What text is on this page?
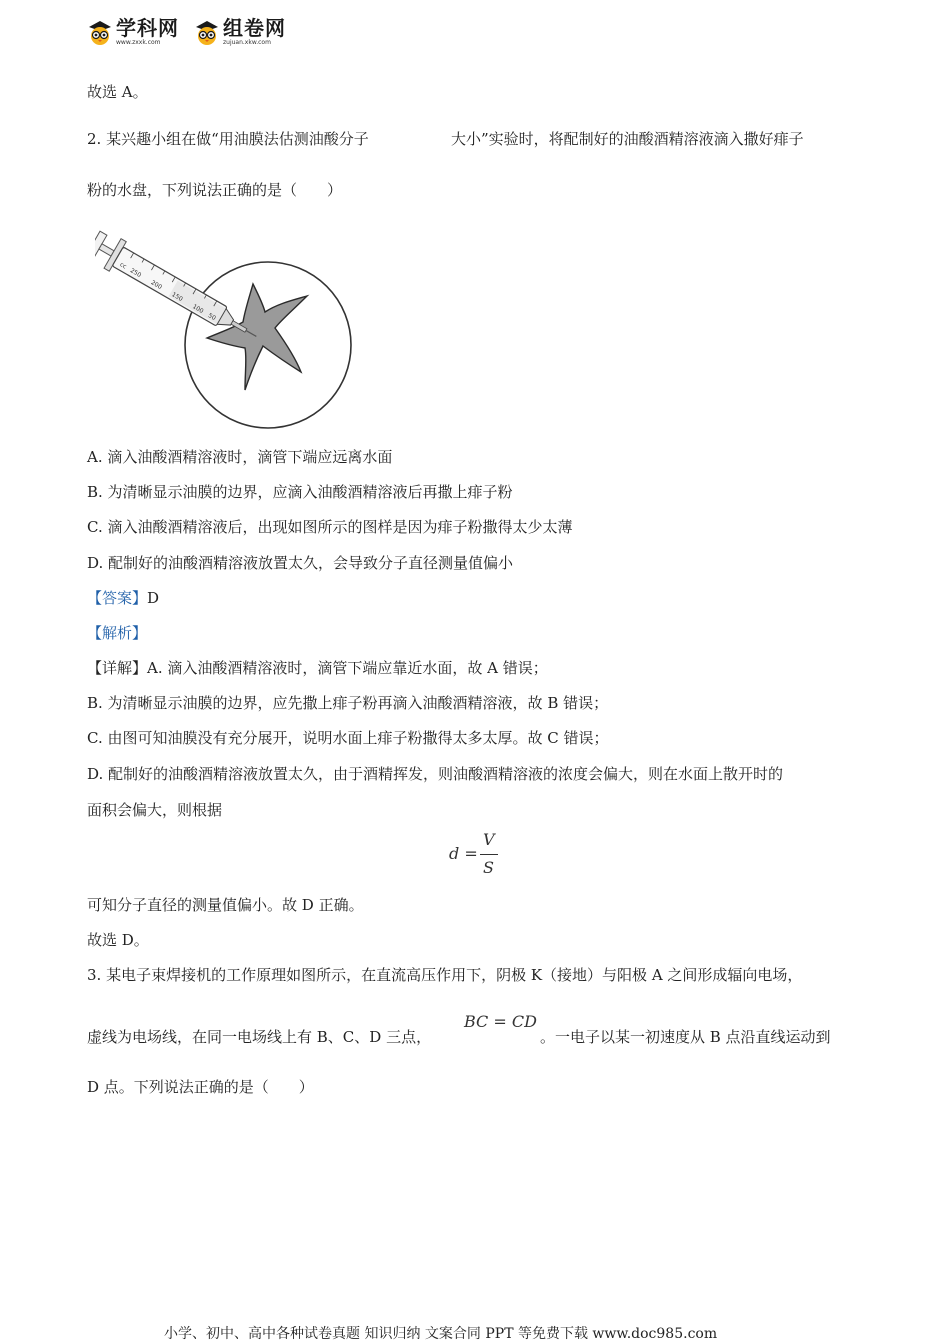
学科网
www.zxxk.com
组卷网
zujuan.xkw.com
故选 A。
2. 某兴趣小组在做“用油膜法估测油酸分子	大小”实验时，将配制好的油酸酒精溶液滴入撒好痱子
粉的水盘，下列说法正确的是（　　）
cc
250
200
150
100
50
A. 滴入油酸酒精溶液时，滴管下端应远离水面
B. 为清晰显示油膜的边界，应滴入油酸酒精溶液后再撒上痱子粉
C. 滴入油酸酒精溶液后，出现如图所示的图样是因为痱子粉撒得太少太薄
D. 配制好的油酸酒精溶液放置太久，会导致分子直径测量值偏小
【答案】D
【解析】
【详解】A. 滴入油酸酒精溶液时，滴管下端应靠近水面，故 A 错误；
B. 为清晰显示油膜的边界，应先撒上痱子粉再滴入油酸酒精溶液，故 B 错误；
C. 由图可知油膜没有充分展开，说明水面上痱子粉撒得太多太厚。故 C 错误；
D. 配制好的油酸酒精溶液放置太久，由于酒精挥发，则油酸酒精溶液的浓度会偏大，则在水面上散开时的
面积会偏大，则根据
d =
V
S
可知分子直径的测量值偏小。故 D 正确。
故选 D。
3. 某电子束焊接机的工作原理如图所示，在直流高压作用下，阴极 K（接地）与阳极 A 之间形成辐向电场，
虚线为电场线，在同一电场线上有 B、C、D 三点，
BC = CD
。一电子以某一初速度从 B 点沿直线运动到
D 点。下列说法正确的是（　　）
小学、初中、高中各种试卷真题 知识归纳 文案合同 PPT 等免费下载 www.doc985.com
